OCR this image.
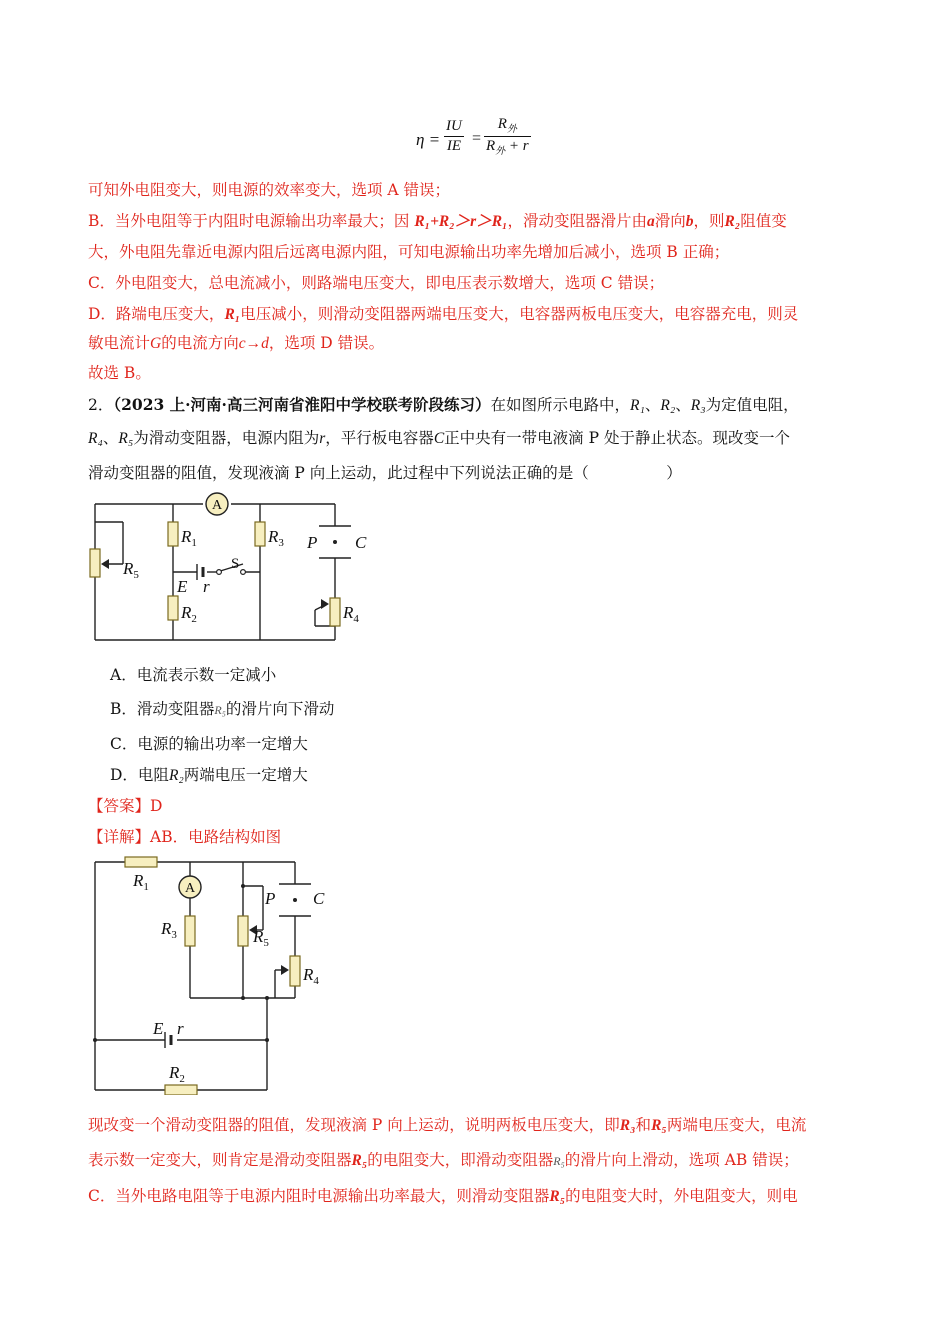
$\eta = \frac{IU}{IE}$ =
$R_外$
$R_外 + r$
可知外电阻变大，则电源的效率变大，选项 A 错误；
B．当外电阻等于内阻时电源输出功率最大；因 R₁+R₂＞r＞R₁，滑动变阻器滑片由a滑向b，则R₂阻值变
大，外电阻先靠近电源内阻后远离电源内阻，可知电源输出功率先增加后减小，选项 B 正确；
C．外电阻变大，总电流减小，则路端电压变大，即电压表示数增大，选项 C 错误；
D．路端电压变大，R₁电压减小，则滑动变阻器两端电压变大，电容器两板电压变大，电容器充电，则灵
敏电流计G的电流方向c→d，选项 D 错误。
故选 B。
2．（2023 上·河南·高三河南省淮阳中学校联考阶段练习）在如图所示电路中，R₁、R₂、R₃为定值电阻，
R₄、R₅为滑动变阻器，电源内阻为r，平行板电容器C正中央有一带电液滴 P 处于静止状态。现改变一个
滑动变阻器的阻值，发现液滴 P 向上运动，此过程中下列说法正确的是（　　　　　）
A
$R_5$
$R_1$
$R_2$
$R_3$
$R_4$
E r
P C
S
A．电流表示数一定减小
B．滑动变阻器R₅的滑片向下滑动
C．电源的输出功率一定增大
D．电阻R₂两端电压一定增大
【答案】D
【详解】AB．电路结构如图
A
$R_1$
$R_3$	$R_5$
$R_4$
$R_2$
E r
P C
现改变一个滑动变阻器的阻值，发现液滴 P 向上运动，说明两板电压变大，即R₃和R₅两端电压变大，电流
表示数一定变大，则肯定是滑动变阻器R₅的电阻变大，即滑动变阻器R₅的滑片向上滑动，选项 AB 错误；
C．当外电路电阻等于电源内阻时电源输出功率最大，则滑动变阻器R₅的电阻变大时，外电阻变大，则电
